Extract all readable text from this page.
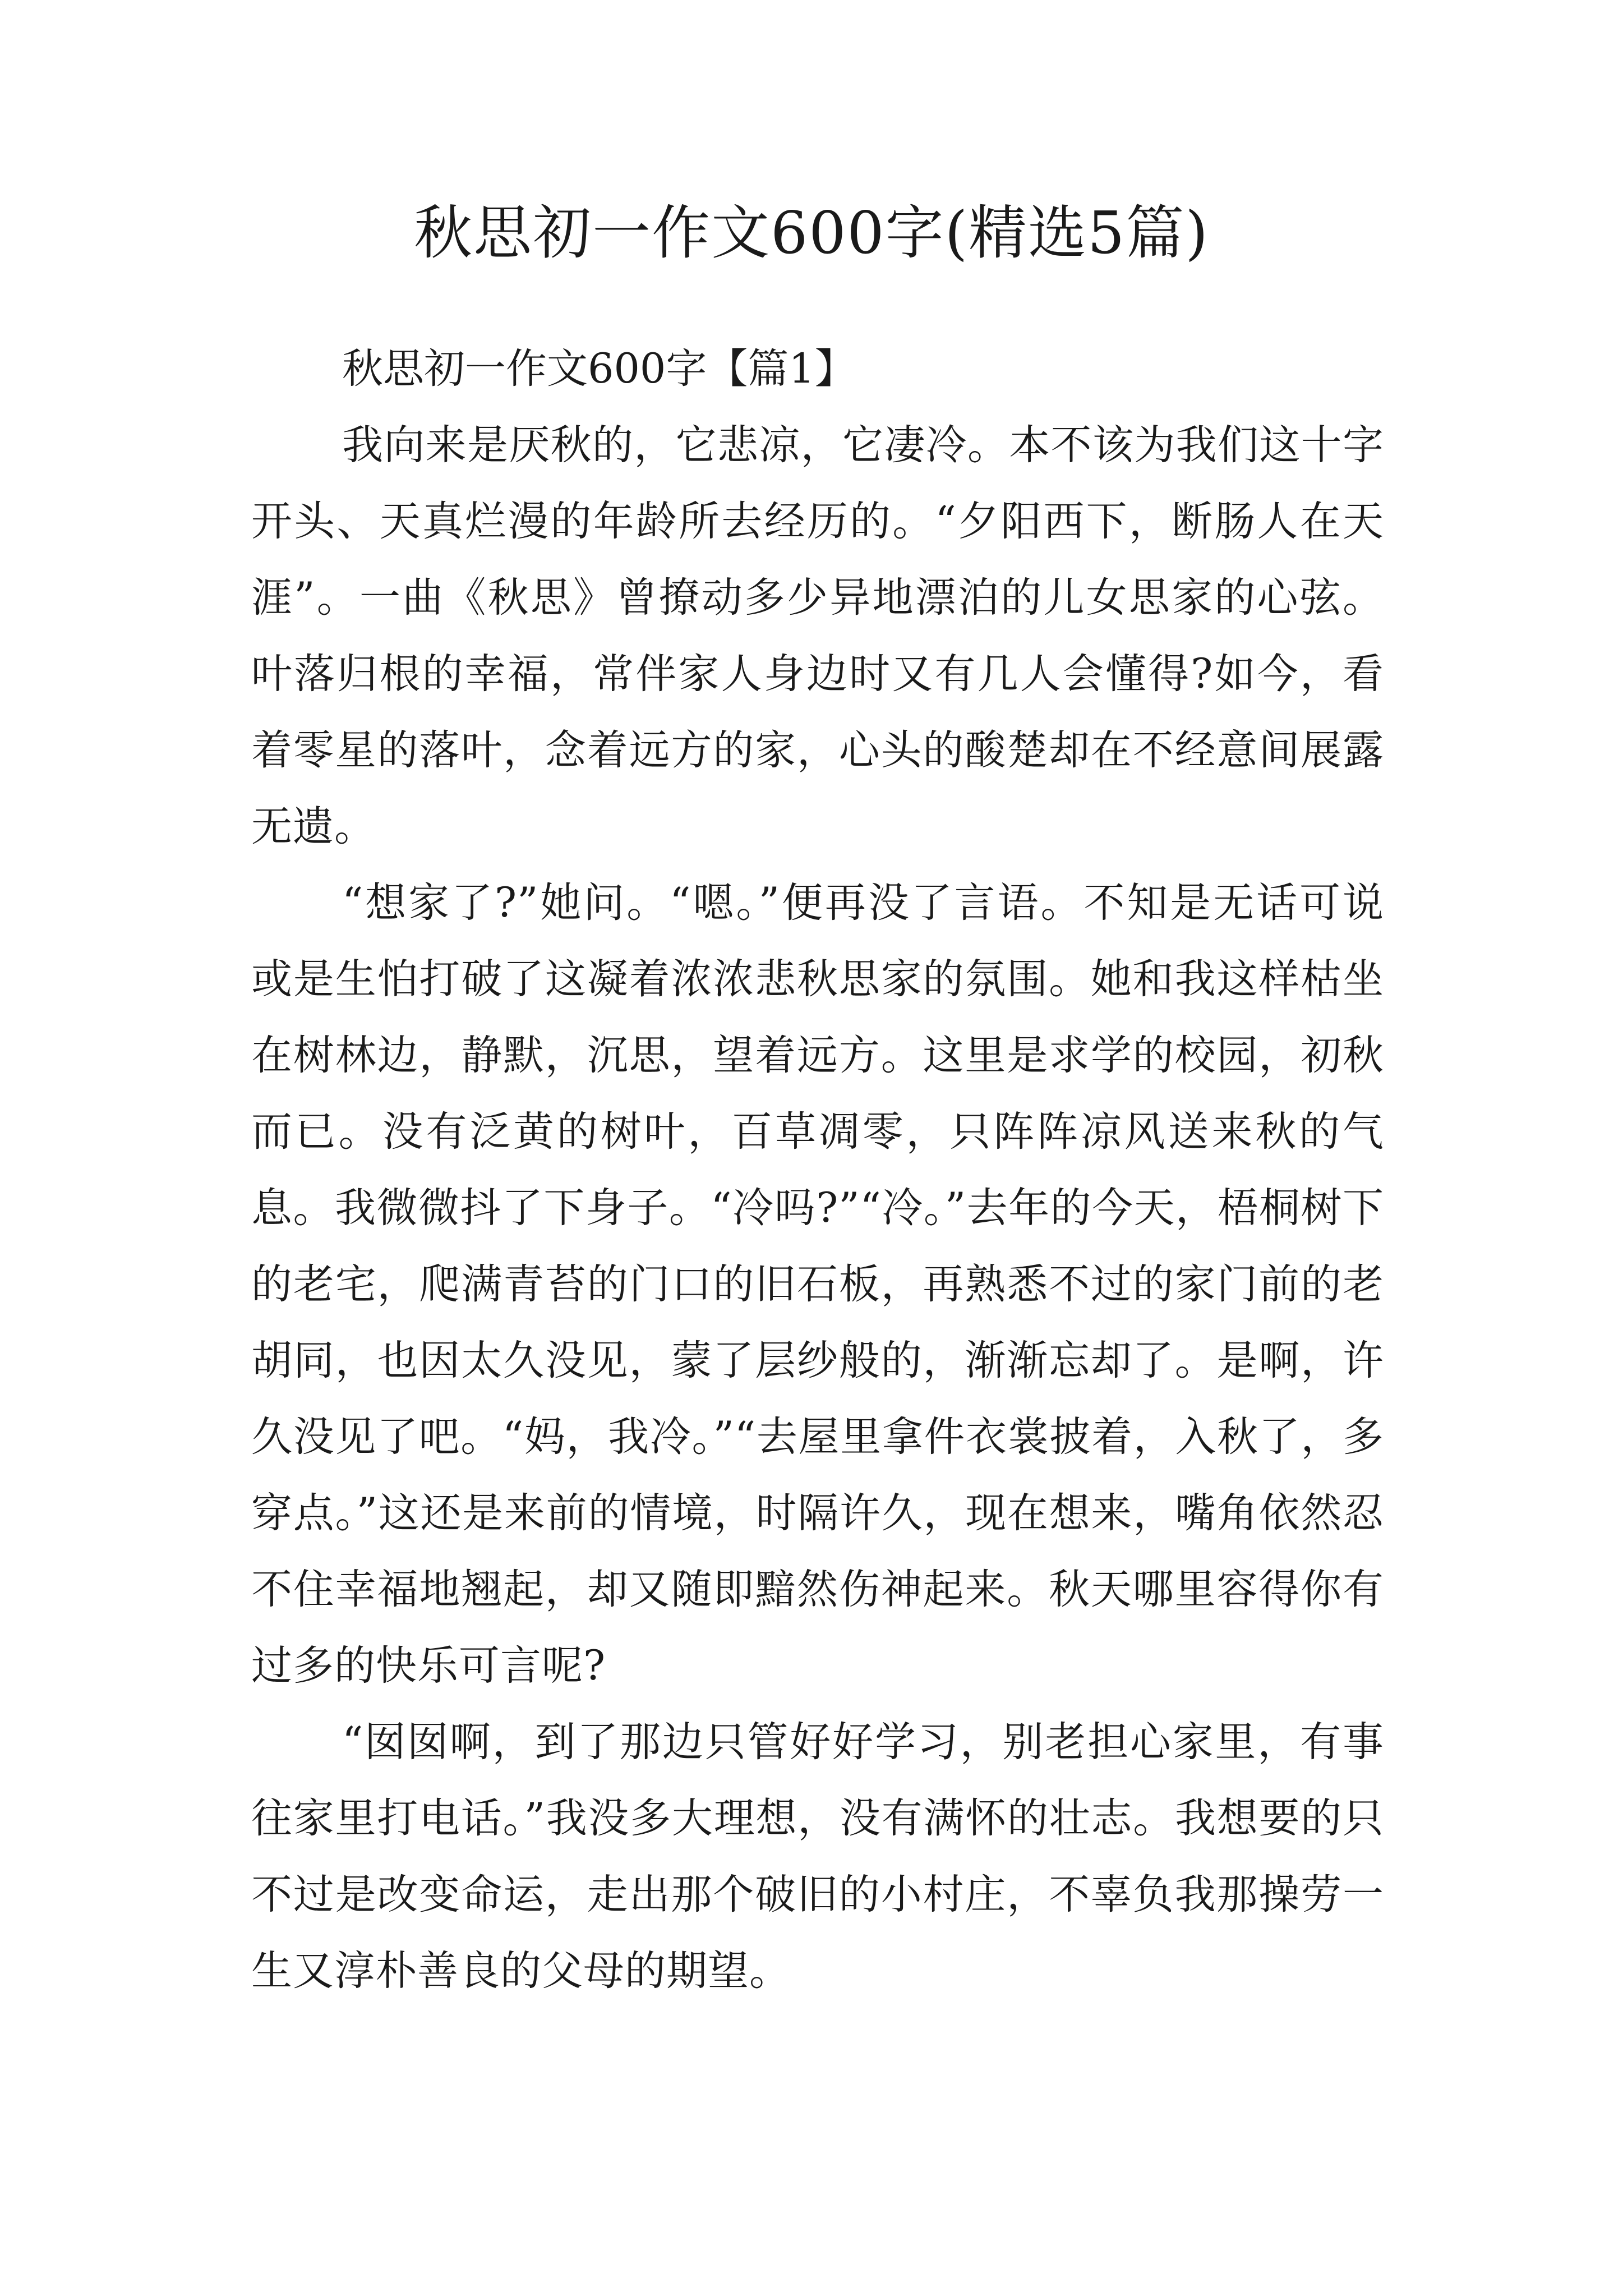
秋思初一作文600字(精选5篇)
秋思初一作文600字【篇1】

我向来是厌秋的，它悲凉，它凄冷。本不该为我们这十字开头、天真烂漫的年龄所去经历的。“夕阳西下，断肠人在天涯”。一曲《秋思》曾撩动多少异地漂泊的儿女思家的心弦。叶落归根的幸福，常伴家人身边时又有几人会懂得?如今，看着零星的落叶，念着远方的家，心头的酸楚却在不经意间展露无遗。

“想家了?”她问。“嗯。”便再没了言语。不知是无话可说或是生怕打破了这凝着浓浓悲秋思家的氛围。她和我这样枯坐在树林边，静默，沉思，望着远方。这里是求学的校园，初秋而已。没有泛黄的树叶，百草凋零，只阵阵凉风送来秋的气息。我微微抖了下身子。“冷吗?”“冷。”去年的今天，梧桐树下的老宅，爬满青苔的门口的旧石板，再熟悉不过的家门前的老胡同，也因太久没见，蒙了层纱般的，渐渐忘却了。是啊，许久没见了吧。“妈，我冷。”“去屋里拿件衣裳披着，入秋了，多穿点。”这还是来前的情境，时隔许久，现在想来，嘴角依然忍不住幸福地翘起，却又随即黯然伤神起来。秋天哪里容得你有过多的快乐可言呢?

“囡囡啊，到了那边只管好好学习，别老担心家里，有事往家里打电话。”我没多大理想，没有满怀的壮志。我想要的只不过是改变命运，走出那个破旧的小村庄，不辜负我那操劳一生又淳朴善良的父母的期望。
